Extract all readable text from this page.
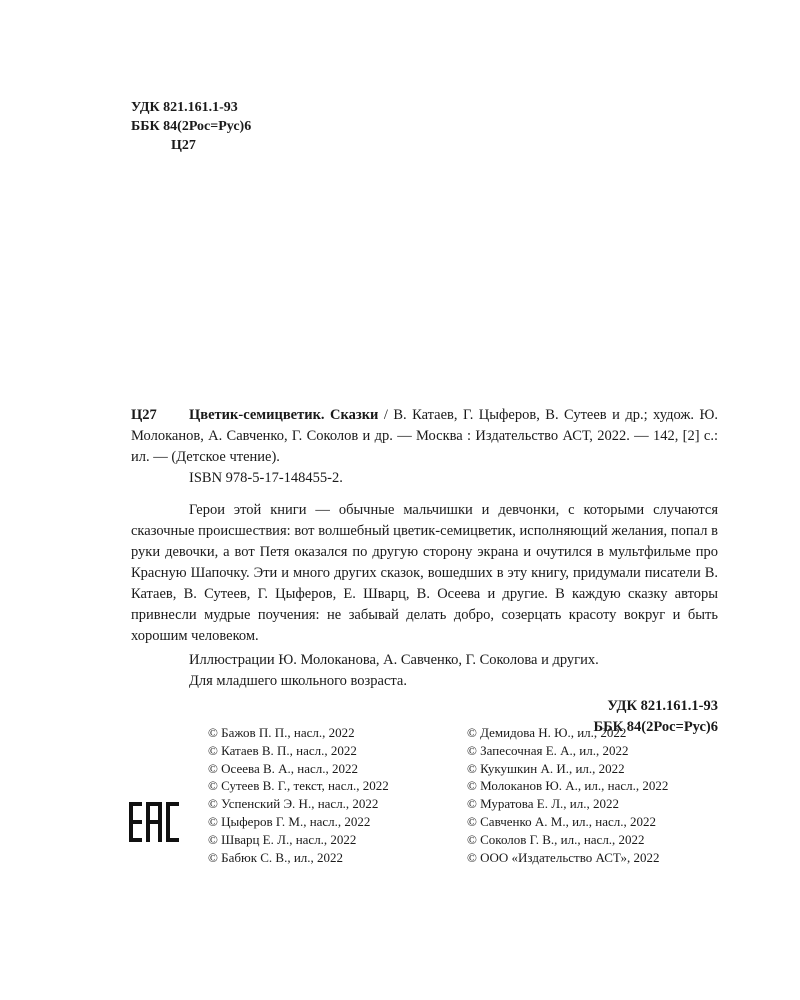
УДК 821.161.1-93
ББК 84(2Рос=Рус)6
Ц27

Ц27 Цветик-семицветик. Сказки / В. Катаев, Г. Цыферов, В. Сутеев и др.; худож. Ю. Молоканов, А. Савченко, Г. Соколов и др. — Москва : Издательство АСТ, 2022. — 142, [2] с.: ил. — (Детское чтение).

ISBN 978-5-17-148455-2.

Герои этой книги — обычные мальчишки и девчонки, с которыми случаются сказочные происшествия: вот волшебный цветик-семицветик, исполняющий желания, попал в руки девочки, а вот Петя оказался по другую сторону экрана и очутился в мультфильме про Красную Шапочку. Эти и много других сказок, вошедших в эту книгу, придумали писатели В. Катаев, В. Сутеев, Г. Цыферов, Е. Шварц, В. Осеева и другие. В каждую сказку авторы привнесли мудрые поучения: не забывай делать добро, созерцать красоту вокруг и быть хорошим человеком.

Иллюстрации Ю. Молоканова, А. Савченко, Г. Соколова и других.

Для младшего школьного возраста.

УДК 821.161.1-93

ББК 84(2Рос=Рус)6

© Бажов П. П., насл., 2022
© Катаев В. П., насл., 2022
© Осеева В. А., насл., 2022
© Сутеев В. Г., текст, насл., 2022
© Успенский Э. Н., насл., 2022
© Цыферов Г. М., насл., 2022
© Шварц Е. Л., насл., 2022
© Бабюк С. В., ил., 2022
© Демидова Н. Ю., ил., 2022
© Запесочная Е. А., ил., 2022
© Кукушкин А. И., ил., 2022
© Молоканов Ю. А., ил., насл., 2022
© Муратова Е. Л., ил., 2022
© Савченко А. М., ил., насл., 2022
© Соколов Г. В., ил., насл., 2022
© ООО «Издательство АСТ», 2022
